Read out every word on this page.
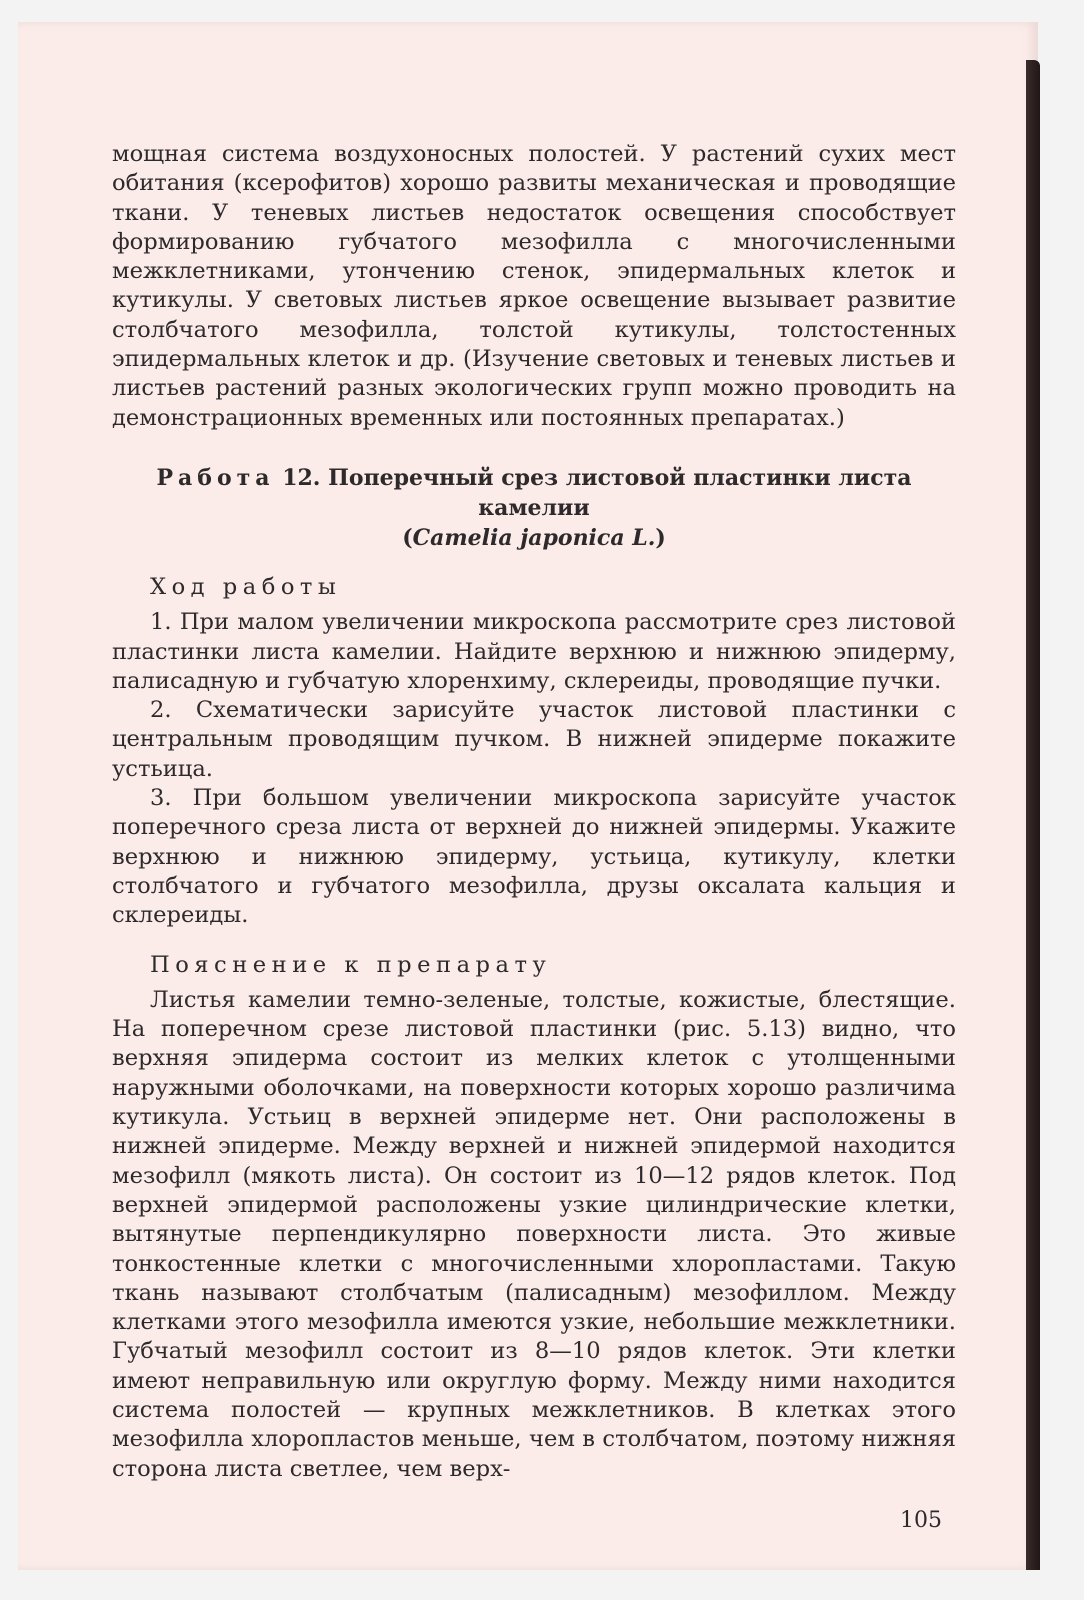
мощная система воздухоносных полостей. У растений сухих мест обитания (ксерофитов) хорошо развиты механическая и проводящие ткани. У теневых листьев недостаток освещения способствует формированию губчатого мезофилла с многочисленными межклетниками, утончению стенок, эпидермальных клеток и кутикулы. У световых листьев яркое освещение вызывает развитие столбчатого мезофилла, толстой кутикулы, толстостенных эпидермальных клеток и др. (Изучение световых и теневых листьев и листьев растений разных экологических групп можно проводить на демонстрационных временных или постоянных препаратах.)

Работа 12. Поперечный срез листовой пластинки листа камелии
(Camelia japonica L.)
Ход работы

1. При малом увеличении микроскопа рассмотрите срез листовой пластинки листа камелии. Найдите верхнюю и нижнюю эпидерму, палисадную и губчатую хлоренхиму, склереиды, проводящие пучки.

2. Схематически зарисуйте участок листовой пластинки с центральным проводящим пучком. В нижней эпидерме покажите устьица.

3. При большом увеличении микроскопа зарисуйте участок поперечного среза листа от верхней до нижней эпидермы. Укажите верхнюю и нижнюю эпидерму, устьица, кутикулу, клетки столбчатого и губчатого мезофилла, друзы оксалата кальция и склереиды.

Пояснение к препарату

Листья камелии темно-зеленые, толстые, кожистые, блестящие. На поперечном срезе листовой пластинки (рис. 5.13) видно, что верхняя эпидерма состоит из мелких клеток с утолщенными наружными оболочками, на поверхности которых хорошо различима кутикула. Устьиц в верхней эпидерме нет. Они расположены в нижней эпидерме. Между верхней и нижней эпидермой находится мезофилл (мякоть листа). Он состоит из 10—12 рядов клеток. Под верхней эпидермой расположены узкие цилиндрические клетки, вытянутые перпендикулярно поверхности листа. Это живые тонкостенные клетки с многочисленными хлоропластами. Такую ткань называют столбчатым (палисадным) мезофиллом. Между клетками этого мезофилла имеются узкие, небольшие межклетники. Губчатый мезофилл состоит из 8—10 рядов клеток. Эти клетки имеют неправильную или округлую форму. Между ними находится система полостей — крупных межклетников. В клетках этого мезофилла хлоропластов меньше, чем в столбчатом, поэтому нижняя сторона листа светлее, чем верх-

105
